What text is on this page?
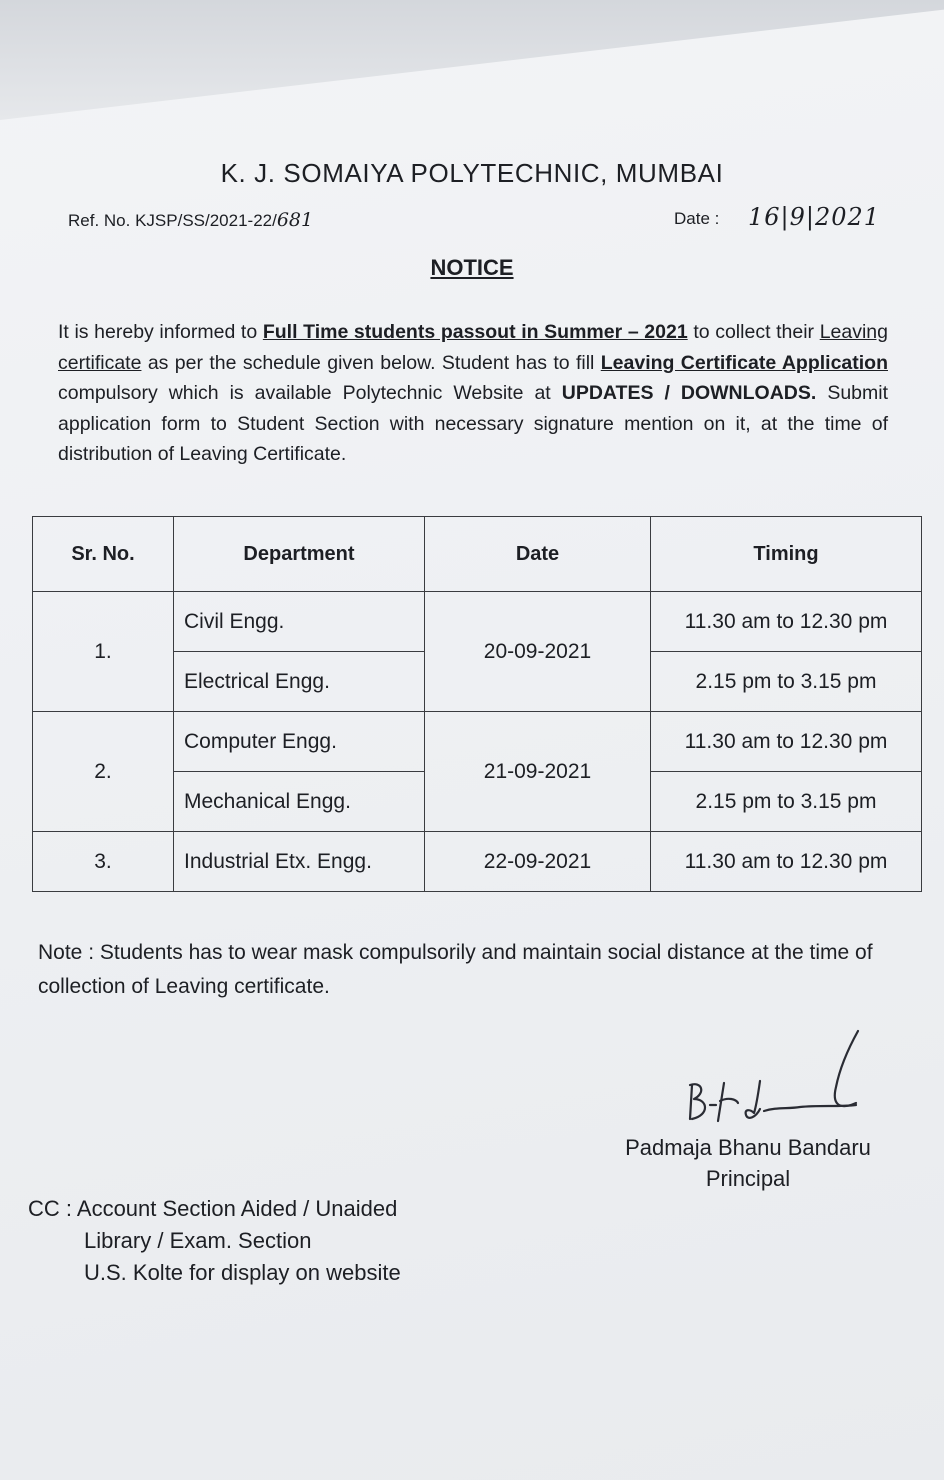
K. J. SOMAIYA POLYTECHNIC, MUMBAI
Ref. No. KJSP/SS/2021-22/681	Date : 16|9|2021
NOTICE
It is hereby informed to Full Time students passout in Summer – 2021 to collect their Leaving certificate as per the schedule given below. Student has to fill Leaving Certificate Application compulsory which is available Polytechnic Website at UPDATES / DOWNLOADS. Submit application form to Student Section with necessary signature mention on it, at the time of distribution of Leaving Certificate.
Sr. No.	Department	Date	Timing
1.	Civil Engg.	20-09-2021	11.30 am to 12.30 pm
	Electrical Engg.		2.15 pm to 3.15 pm
2.	Computer Engg.	21-09-2021	11.30 am to 12.30 pm
	Mechanical Engg.		2.15 pm to 3.15 pm
3.	Industrial Etx. Engg.	22-09-2021	11.30 am to 12.30 pm
Note : Students has to wear mask compulsorily and maintain social distance at the time of collection of Leaving certificate.
Padmaja Bhanu Bandaru
Principal
CC : Account Section Aided / Unaided
Library / Exam. Section
U.S. Kolte for display on website
